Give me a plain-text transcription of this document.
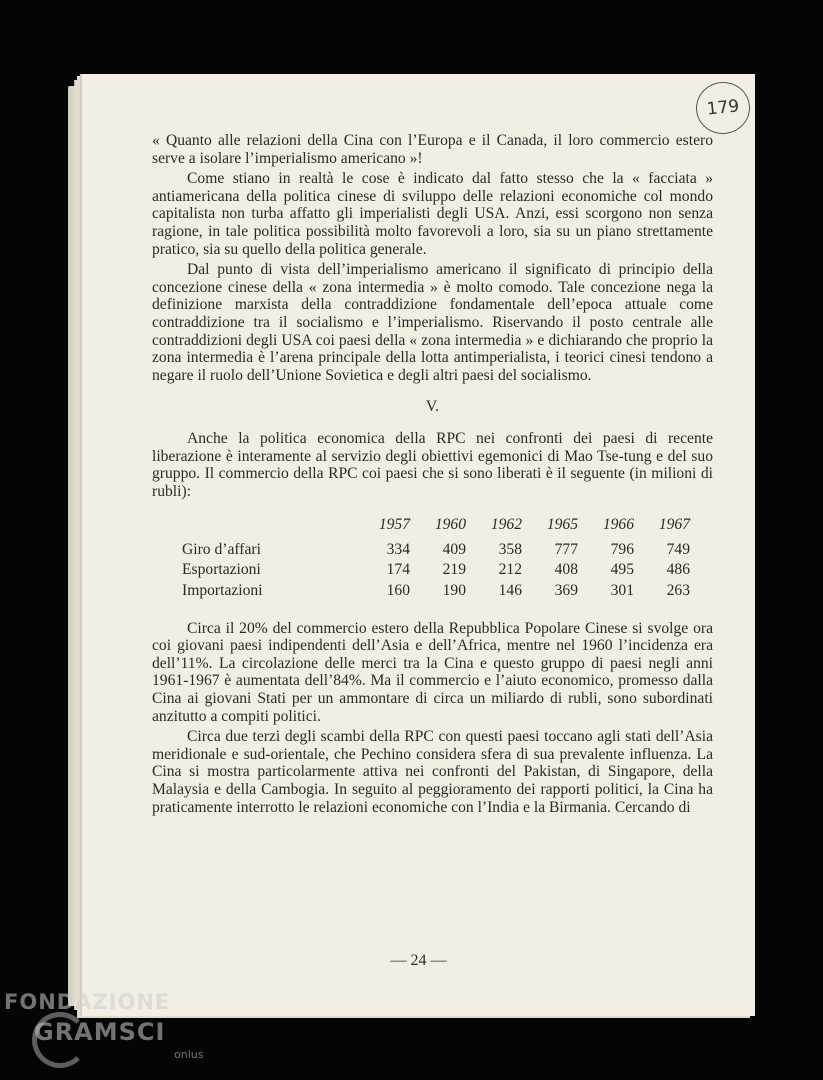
179

« Quanto alle relazioni della Cina con l’Europa e il Canada, il loro commercio estero serve a isolare l’imperialismo americano »!

Come stiano in realtà le cose è indicato dal fatto stesso che la « facciata » antiamericana della politica cinese di sviluppo delle relazioni economiche col mondo capitalista non turba affatto gli imperialisti degli USA. Anzi, essi scorgono non senza ragione, in tale politica possibilità molto favorevoli a loro, sia su un piano strettamente pratico, sia su quello della politica generale.

Dal punto di vista dell’imperialismo americano il significato di principio della concezione cinese della « zona intermedia » è molto comodo. Tale concezione nega la definizione marxista della contraddizione fondamentale dell’epoca attuale come contraddizione tra il socialismo e l’imperialismo. Riservando il posto centrale alle contraddizioni degli USA coi paesi della « zona intermedia » e dichiarando che proprio la zona intermedia è l’arena principale della lotta antimperialista, i teorici cinesi tendono a negare il ruolo dell’Unione Sovietica e degli altri paesi del socialismo.

V.

Anche la politica economica della RPC nei confronti dei paesi di recente liberazione è interamente al servizio degli obiettivi egemonici di Mao Tse-tung e del suo gruppo. Il commercio della RPC coi paesi che si sono liberati è il seguente (in milioni di rubli):

	1957	1960	1962	1965	1966	1967
Giro d’affari	334	409	358	777	796	749
Esportazioni	174	219	212	408	495	486
Importazioni	160	190	146	369	301	263

Circa il 20% del commercio estero della Repubblica Popolare Cinese si svolge ora coi giovani paesi indipendenti dell’Asia e dell’Africa, mentre nel 1960 l’incidenza era dell’11%. La circolazione delle merci tra la Cina e questo gruppo di paesi negli anni 1961-1967 è aumentata dell’84%. Ma il commercio e l’aiuto economico, promesso dalla Cina ai giovani Stati per un ammontare di circa un miliardo di rubli, sono subordinati anzitutto a compiti politici.

Circa due terzi degli scambi della RPC con questi paesi toccano agli stati dell’Asia meridionale e sud-orientale, che Pechino considera sfera di sua prevalente influenza. La Cina si mostra particolarmente attiva nei confronti del Pakistan, di Singapore, della Malaysia e della Cambogia. In seguito al peggioramento dei rapporti politici, la Cina ha praticamente interrotto le relazioni economiche con l’India e la Birmania. Cercando di

— 24 —
FONDAZIONE
GRAMSCI
onlus
